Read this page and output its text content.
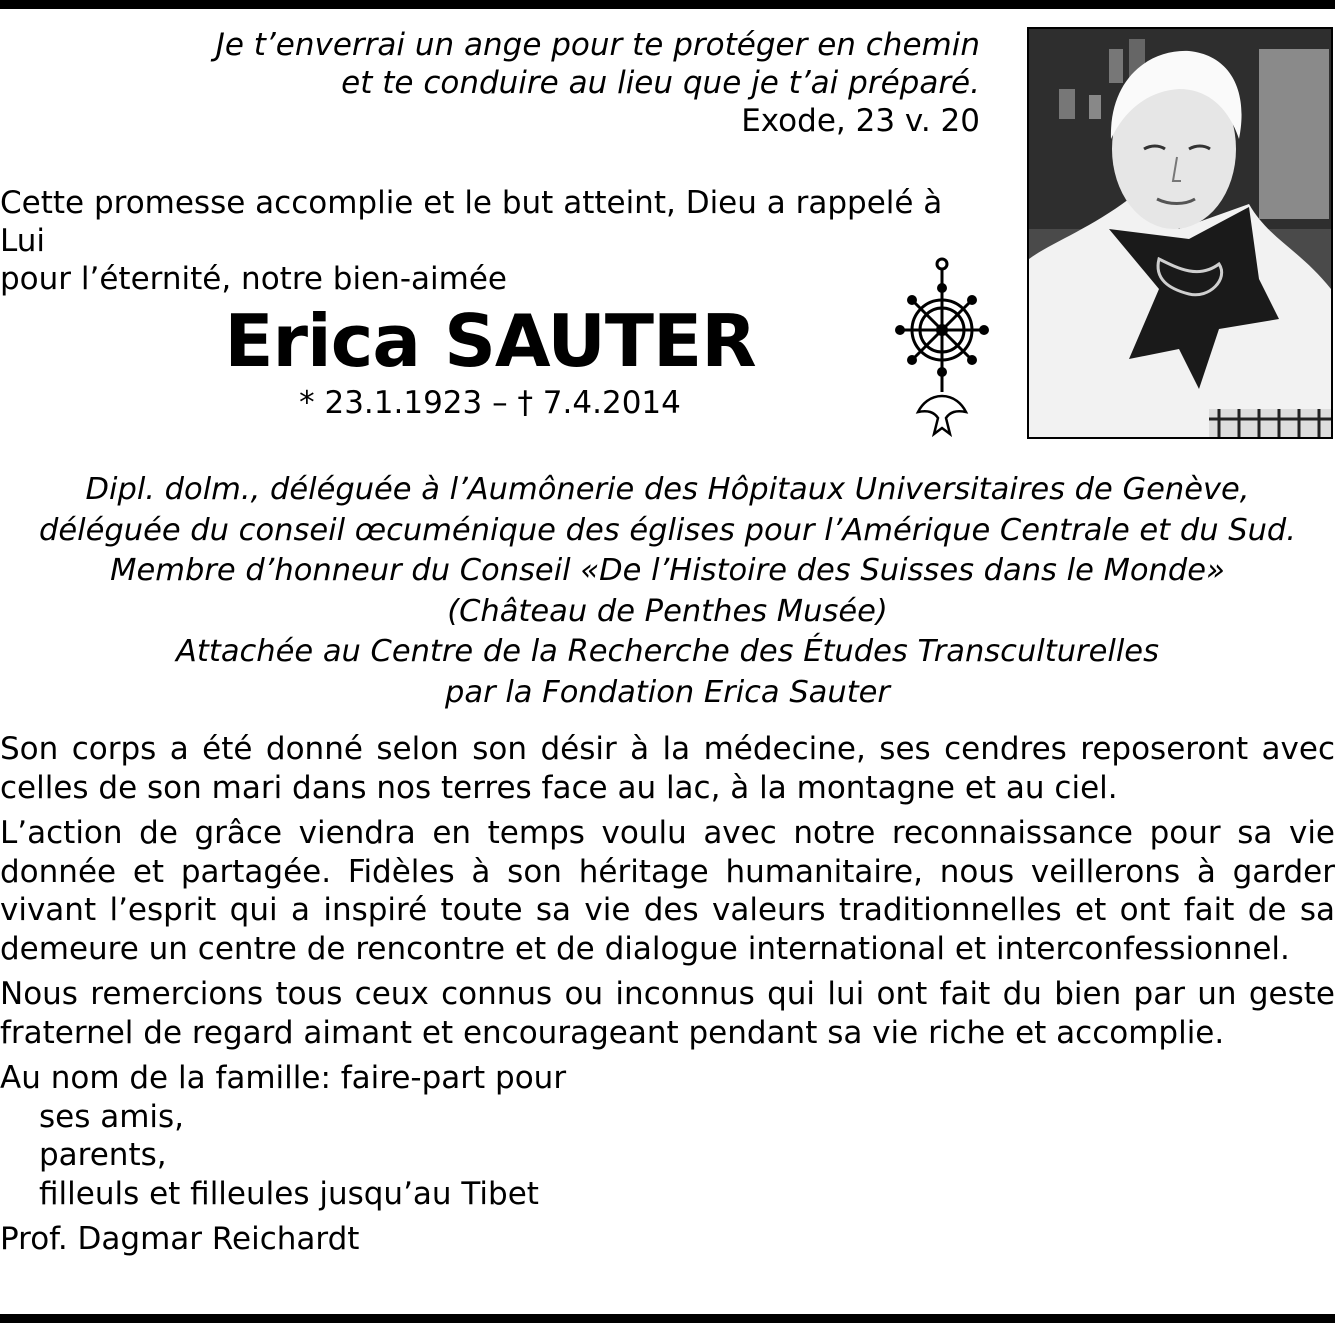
Je t’enverrai un ange pour te protéger en chemin
et te conduire au lieu que je t’ai préparé.
Exode, 23 v. 20
Cette promesse accomplie et le but atteint, Dieu a rappelé à Lui
pour l’éternité, notre bien-aimée
Erica SAUTER
* 23.1.1923 – † 7.4.2014
Dipl. dolm., déléguée à l’Aumônerie des Hôpitaux Universitaires de Genève,
déléguée du conseil œcuménique des églises pour l’Amérique Centrale et du Sud.
Membre d’honneur du Conseil «De l’Histoire des Suisses dans le Monde»
(Château de Penthes Musée)
Attachée au Centre de la Recherche des Études Transculturelles
par la Fondation Erica Sauter

Son corps a été donné selon son désir à la médecine, ses cendres reposeront avec celles de son mari dans nos terres face au lac, à la montagne et au ciel.

L’action de grâce viendra en temps voulu avec notre reconnaissance pour sa vie donnée et partagée. Fidèles à son héritage humanitaire, nous veillerons à garder vivant l’esprit qui a inspiré toute sa vie des valeurs traditionnelles et ont fait de sa demeure un centre de rencontre et de dialogue international et interconfessionnel.

Nous remercions tous ceux connus ou inconnus qui lui ont fait du bien par un geste fraternel de regard aimant et encourageant pendant sa vie riche et accomplie.

Au nom de la famille: faire-part pour
ses amis,
parents,
filleuls et filleules jusqu’au Tibet
Prof. Dagmar Reichardt
